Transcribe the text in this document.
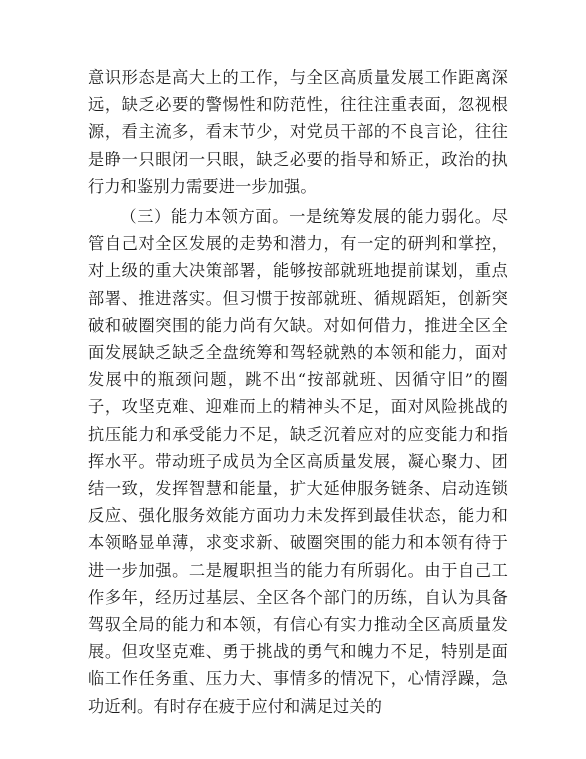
意识形态是高大上的工作，与全区高质量发展工作距离深远，缺乏必要的警惕性和防范性，往往注重表面，忽视根源，看主流多，看末节少，对党员干部的不良言论，往往是睁一只眼闭一只眼，缺乏必要的指导和矫正，政治的执行力和鉴别力需要进一步加强。

（三）能力本领方面。一是统筹发展的能力弱化。尽管自己对全区发展的走势和潜力，有一定的研判和掌控，对上级的重大决策部署，能够按部就班地提前谋划，重点部署、推进落实。但习惯于按部就班、循规蹈矩，创新突破和破圈突围的能力尚有欠缺。对如何借力，推进全区全面发展缺乏缺乏全盘统筹和驾轻就熟的本领和能力，面对发展中的瓶颈问题，跳不出“按部就班、因循守旧”的圈子，攻坚克难、迎难而上的精神头不足，面对风险挑战的抗压能力和承受能力不足，缺乏沉着应对的应变能力和指挥水平。带动班子成员为全区高质量发展，凝心聚力、团结一致，发挥智慧和能量，扩大延伸服务链条、启动连锁反应、强化服务效能方面功力未发挥到最佳状态，能力和本领略显单薄，求变求新、破圈突围的能力和本领有待于进一步加强。二是履职担当的能力有所弱化。由于自己工作多年，经历过基层、全区各个部门的历练，自认为具备驾驭全局的能力和本领，有信心有实力推动全区高质量发展。但攻坚克难、勇于挑战的勇气和魄力不足，特别是面临工作任务重、压力大、事情多的情况下，心情浮躁，急功近利。有时存在疲于应付和满足过关的
